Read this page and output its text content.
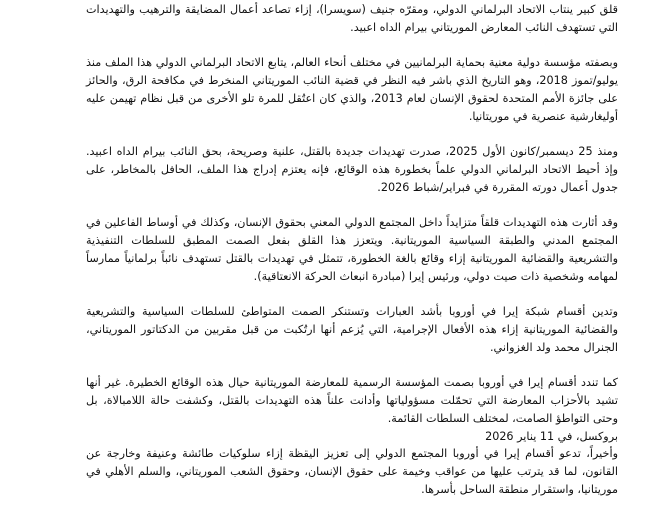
قلق كبير ينتاب الاتحاد البرلماني الدولي، ومقرّه جنيف (سويسرا)، إزاء تصاعد أعمال المضايقة والترهيب والتهديدات التي تستهدف النائب المعارض الموريتاني بيرام الداه اعبيد.

وبصفته مؤسسة دولية معنية بحماية البرلمانيين في مختلف أنحاء العالم، يتابع الاتحاد البرلماني الدولي هذا الملف منذ يوليو/تموز 2018، وهو التاريخ الذي باشر فيه النظر في قضية النائب الموريتاني المنخرط في مكافحة الرق، والحائز على جائزة الأمم المتحدة لحقوق الإنسان لعام 2013، والذي كان اعتُقل للمرة تلو الأخرى من قبل نظام تهيمن عليه أوليغارشية عنصرية في موريتانيا.

ومنذ 25 ديسمبر/كانون الأول 2025، صدرت تهديدات جديدة بالقتل، علنية وصريحة، بحق النائب بيرام الداه اعبيد. وإذ أحيط الاتحاد البرلماني الدولي علماً بخطورة هذه الوقائع، فإنه يعتزم إدراج هذا الملف، الحافل بالمخاطر، على جدول أعمال دورته المقررة في فبراير/شباط 2026.

وقد أثارت هذه التهديدات قلقاً متزايداً داخل المجتمع الدولي المعني بحقوق الإنسان، وكذلك في أوساط الفاعلين في المجتمع المدني والطبقة السياسية الموريتانية. ويتعزز هذا القلق بفعل الصمت المطبق للسلطات التنفيذية والتشريعية والقضائية الموريتانية إزاء وقائع بالغة الخطورة، تتمثل في تهديدات بالقتل تستهدف نائباً برلمانياً ممارساً لمهامه وشخصية ذات صيت دولي، ورئيس إيرا (مبادرة انبعاث الحركة الانعتاقية).

وتدين أقسام شبكة إيرا في أوروبا بأشد العبارات وتستنكر الصمت المتواطئ للسلطات السياسية والتشريعية والقضائية الموريتانية إزاء هذه الأفعال الإجرامية، التي يُزعم أنها ارتُكبت من قبل مقربين من الدكتاتور الموريتاني، الجنرال محمد ولد الغزواني.

كما تندد أقسام إيرا في أوروبا بصمت المؤسسة الرسمية للمعارضة الموريتانية حيال هذه الوقائع الخطيرة. غير أنها تشيد بالأحزاب المعارضة التي تحمّلت مسؤولياتها وأدانت علناً هذه التهديدات بالقتل، وكشفت حالة اللامبالاة، بل وحتى التواطؤ الصامت، لمختلف السلطات القائمة.

وأخيراً، تدعو أقسام إيرا في أوروبا المجتمع الدولي إلى تعزيز اليقظة إزاء سلوكيات طائشة وعنيفة وخارجة عن القانون، لما قد يترتب عليها من عواقب وخيمة على حقوق الإنسان، وحقوق الشعب الموريتاني، والسلم الأهلي في موريتانيا، واستقرار منطقة الساحل بأسرها.

بروكسل، في 11 يناير 2026
